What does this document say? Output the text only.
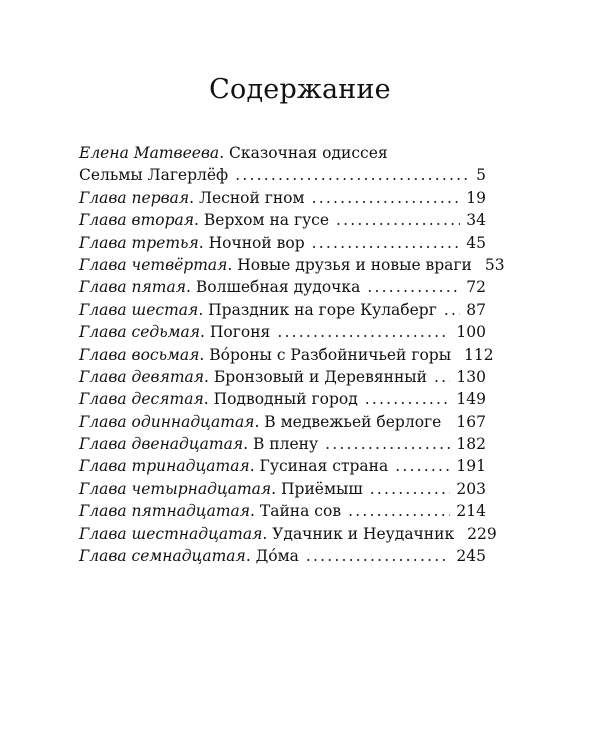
Содержание
Елена Матвеева. Сказочная одиссея
Сельмы Лагерлёф .....	5
Глава первая. Лесной гном .....	19
Глава вторая. Верхом на гусе .....	34
Глава третья. Ночной вор .....	45
Глава четвёртая. Новые друзья и новые враги 53
Глава пятая. Волшебная дудочка .....	72
Глава шестая. Праздник на горе Кулаберг ..... 87
Глава седьмая. Погоня .....	100
Глава восьмая. Во́роны с Разбойничьей горы 112
Глава девятая. Бронзовый и Деревянный ..... 130
Глава десятая. Подводный город .....	149
Глава одиннадцатая. В медвежьей берлоге ..... 167
Глава двенадцатая. В плену .....	182
Глава тринадцатая. Гусиная страна .....	191
Глава четырнадцатая. Приёмыш .....	203
Глава пятнадцатая. Тайна сов .....	214
Глава шестнадцатая. Удачник и Неудачник 229
Глава семнадцатая. До́ма .....	245
